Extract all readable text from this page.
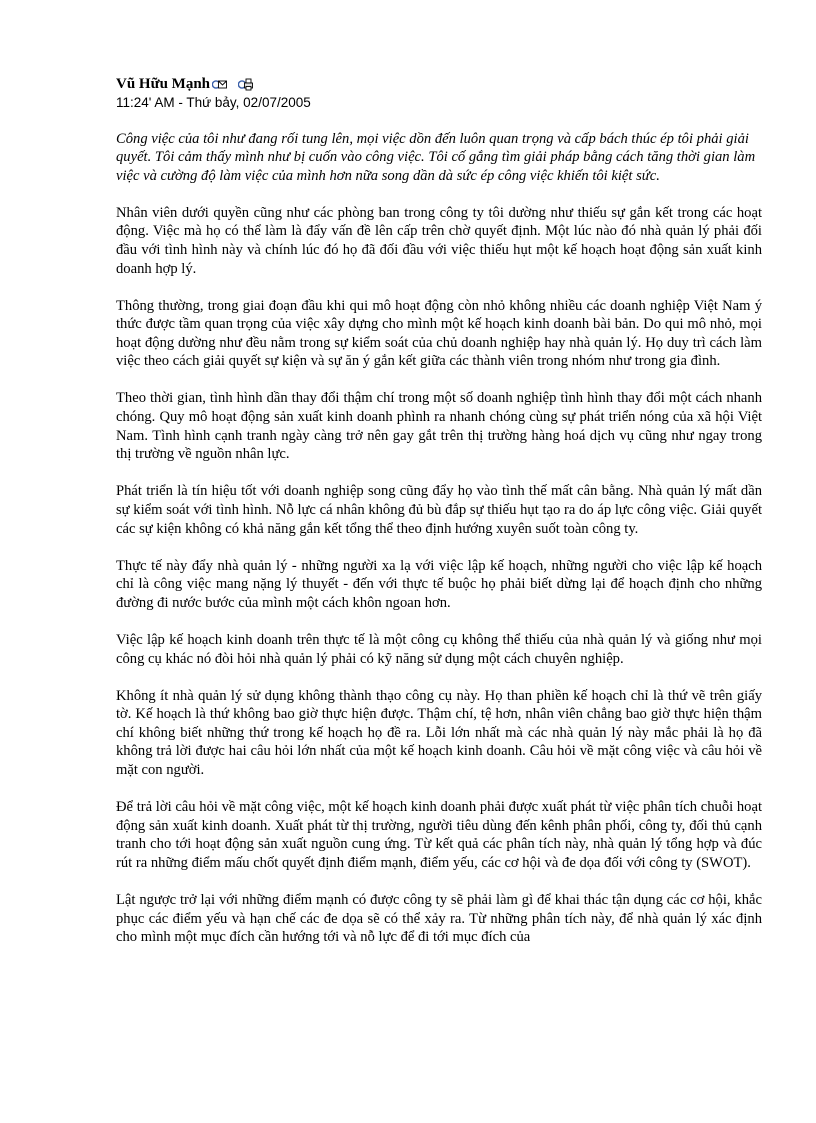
Vũ Hữu Mạnh
11:24' AM - Thứ bảy, 02/07/2005

Công việc của tôi như đang rối tung lên, mọi việc dồn đến luôn quan trọng và cấp bách thúc ép tôi phải giải quyết. Tôi cảm thấy mình như bị cuốn vào công việc. Tôi cố gắng tìm giải pháp bằng cách tăng thời gian làm việc và cường độ làm việc của mình hơn nữa song dần dà sức ép công việc khiến tôi kiệt sức.

Nhân viên dưới quyền cũng như các phòng ban trong công ty tôi dường như thiếu sự gắn kết trong các hoạt động. Việc mà họ có thể làm là đẩy vấn đề lên cấp trên chờ quyết định. Một lúc nào đó nhà quản lý phải đối đầu với tình hình này và chính lúc đó họ đã đối đầu với việc thiếu hụt một kế hoạch hoạt động sản xuất kinh doanh hợp lý.

Thông thường, trong giai đoạn đầu khi qui mô hoạt động còn nhỏ không nhiều các doanh nghiệp Việt Nam ý thức được tầm quan trọng của việc xây dựng cho mình một kế hoạch kinh doanh bài bản. Do qui mô nhỏ, mọi hoạt động dường như đều nằm trong sự kiểm soát của chủ doanh nghiệp hay nhà quản lý. Họ duy trì cách làm việc theo cách giải quyết sự kiện và sự ăn ý gắn kết giữa các thành viên trong nhóm như trong gia đình.

Theo thời gian, tình hình dần thay đổi thậm chí trong một số doanh nghiệp tình hình thay đổi một cách nhanh chóng. Quy mô hoạt động sản xuất kinh doanh phình ra nhanh chóng cùng sự phát triển nóng của xã hội Việt Nam. Tình hình cạnh tranh ngày càng trở nên gay gắt trên thị trường hàng hoá dịch vụ cũng như ngay trong thị trường về nguồn nhân lực.

Phát triển là tín hiệu tốt với doanh nghiệp song cũng đẩy họ vào tình thế mất cân bằng. Nhà quản lý mất dần sự kiểm soát với tình hình. Nỗ lực cá nhân không đủ bù đắp sự thiếu hụt tạo ra do áp lực công việc. Giải quyết các sự kiện không có khả năng gắn kết tổng thể theo định hướng xuyên suốt toàn công ty.

Thực tế này đẩy nhà quản lý - những người xa lạ với việc lập kế hoạch, những người cho việc lập kế hoạch chỉ là công việc mang nặng lý thuyết - đến với thực tế buộc họ phải biết dừng lại để hoạch định cho những đường đi nước bước của mình một cách khôn ngoan hơn.

Việc lập kế hoạch kinh doanh trên thực tế là một công cụ không thể thiếu của nhà quản lý và giống như mọi công cụ khác nó đòi hỏi nhà quản lý phải có kỹ năng sử dụng một cách chuyên nghiệp.

Không ít nhà quản lý sử dụng không thành thạo công cụ này. Họ than phiền kế hoạch chỉ là thứ vẽ trên giấy tờ. Kế hoạch là thứ không bao giờ thực hiện được. Thậm chí, tệ hơn, nhân viên chẳng bao giờ thực hiện thậm chí không biết những thứ trong kế hoạch họ đề ra. Lỗi lớn nhất mà các nhà quản lý này mắc phải là họ đã không trả lời được hai câu hỏi lớn nhất của một kế hoạch kinh doanh. Câu hỏi về mặt công việc và câu hỏi về mặt con người.

Để trả lời câu hỏi về mặt công việc, một kế hoạch kinh doanh phải được xuất phát từ việc phân tích chuỗi hoạt động sản xuất kinh doanh. Xuất phát từ thị trường, người tiêu dùng đến kênh phân phối, công ty, đối thủ cạnh tranh cho tới hoạt động sản xuất nguồn cung ứng. Từ kết quả các phân tích này, nhà quản lý tổng hợp và đúc rút ra những điểm mấu chốt quyết định điểm mạnh, điểm yếu, các cơ hội và đe dọa đối với công ty (SWOT).

Lật ngược trở lại với những điểm mạnh có được công ty sẽ phải làm gì để khai thác tận dụng các cơ hội, khắc phục các điểm yếu và hạn chế các đe dọa sẽ có thể xảy ra. Từ những phân tích này, để nhà quản lý xác định cho mình một mục đích cần hướng tới và nỗ lực để đi tới mục đích của
